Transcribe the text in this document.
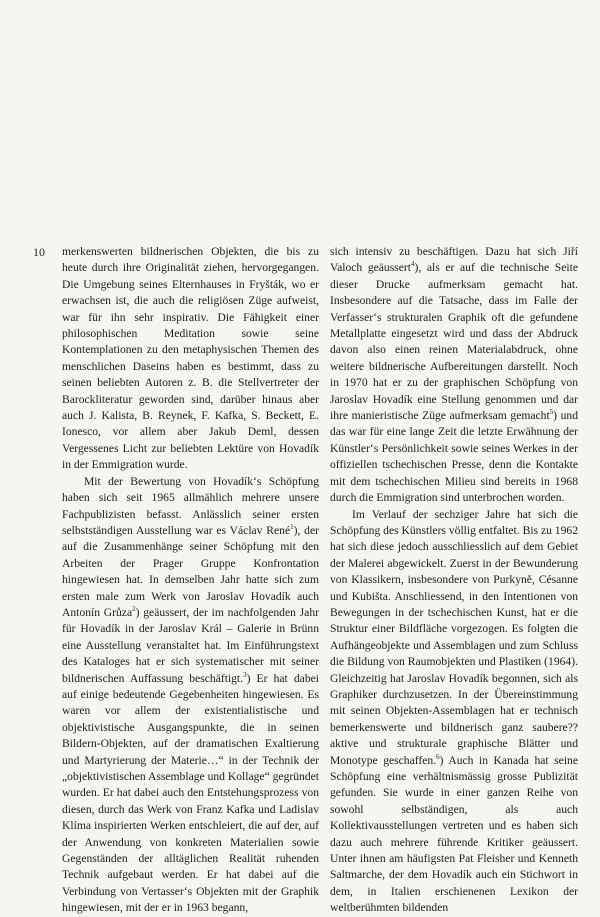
10 merkenswerten bildnerischen Objekten, die bis zu heute durch ihre Originalität ziehen, hervorgegangen. Die Umgebung seines Elternhauses in Fryšták, wo er erwachsen ist, die auch die religiösen Züge aufweist, war für ihn sehr inspirativ. Die Fähigkeit einer philosophischen Meditation sowie seine Kontemplationen zu den metaphysischen Themen des menschlichen Daseins haben es bestimmt, dass zu seinen beliebten Autoren z. B. die Stellvertreter der Barockliteratur geworden sind, darüber hinaus aber auch J. Kalista, B. Reynek, F. Kafka, S. Beckett, E. Ionesco, vor allem aber Jakub Deml, dessen Vergessenes Licht zur beliebten Lektüre von Hovadík in der Emmigration wurde.

Mit der Bewertung von Hovadík‘s Schöpfung haben sich seit 1965 allmählich mehrere unsere Fachpublizisten befasst. Anlässlich seiner ersten selbstständigen Ausstellung war es Václav René$^1$), der auf die Zusammenhänge seiner Schöpfung mit den Arbeiten der Prager Gruppe Konfrontation hingewiesen hat. In demselben Jahr hatte sich zum ersten male zum Werk von Jaroslav Hovadík auch Antonín Grůza$^2$) geäussert, der im nachfolgenden Jahr für Hovadík in der Jaroslav Král – Galerie in Brünn eine Ausstellung veranstaltet hat. Im Einführungstext des Kataloges hat er sich systematischer mit seiner bildnerischen Auffassung beschäftigt.$^3$) Er hat dabei auf einige bedeutende Gegebenheiten hingewiesen. Es waren vor allem der existentialistische und objektivistische Ausgangspunkte, die in seinen Bildern-Objekten, auf der dramatischen Exaltierung und Martyrierung der Materie…“ in der Technik der „objektivistischen Assemblage und Kollage“ gegründet wurden. Er hat dabei auch den Entstehungsprozess von diesen, durch das Werk von Franz Kafka und Ladislav Klíma inspirierten Werken entschleiert, die auf der, auf der Anwendung von konkreten Materialien sowie Gegenständen der alltäglichen Realität ruhenden Technik aufgebaut werden. Er hat dabei auf die Verbindung von Vertasser‘s Objekten mit der Graphik hingewiesen, mit der er in 1963 begann,

sich intensiv zu beschäftigen. Dazu hat sich Jiří Valoch geäussert$^4$), als er auf die technische Seite dieser Drucke aufmerksam gemacht hat. Insbesondere auf die Tatsache, dass im Falle der Verfasser‘s strukturalen Graphik oft die gefundene Metallplatte eingesetzt wird und dass der Abdruck davon also einen reinen Materialabdruck, ohne weitere bildnerische Aufbereitungen darstellt. Noch in 1970 hat er zu der graphischen Schöpfung von Jaroslav Hovadík eine Stellung genommen und dar ihre manieristische Züge aufmerksam gemacht$^5$) und das war für eine lange Zeit die letzte Erwähnung der Künstler‘s Persönlichkeit sowie seines Werkes in der offiziellen tschechischen Presse, denn die Kontakte mit dem tschechischen Milieu sind bereits in 1968 durch die Emmigration sind unterbrochen worden.

Im Verlauf der sechziger Jahre hat sich die Schöpfung des Künstlers völlig entfaltet. Bis zu 1962 hat sich diese jedoch ausschliesslich auf dem Gebiet der Malerei abgewickelt. Zuerst in der Bewunderung von Klassikern, insbesondere von Purkyně, Césanne und Kubišta. Anschliessend, in den Intentionen von Bewegungen in der tschechischen Kunst, hat er die Struktur einer Bildfläche vorgezogen. Es folgten die Aufhängeobjekte und Assemblagen und zum Schluss die Bildung von Raumobjekten und Plastiken (1964). Gleichzeitig hat Jaroslav Hovadík begonnen, sich als Graphiker durchzusetzen. In der Übereinstimmung mit seinen Objekten-Assemblagen hat er technisch bemerkenswerte und bildnerisch ganz saubere?? aktive und strukturale graphische Blätter und Monotype geschaffen.$^6$) Auch in Kanada hat seine Schöpfung eine verhältnismässig grosse Publizität gefunden. Sie wurde in einer ganzen Reihe von sowohl selbständigen, als auch Kollektivausstellungen vertreten und es haben sich dazu auch mehrere führende Kritiker geäussert. Unter ihnen am häufigsten Pat Fleisher und Kenneth Saltmarche, der dem Hovadík auch ein Stichwort in dem, in Italien erschienenen Lexikon der weltberühmten bildenden
